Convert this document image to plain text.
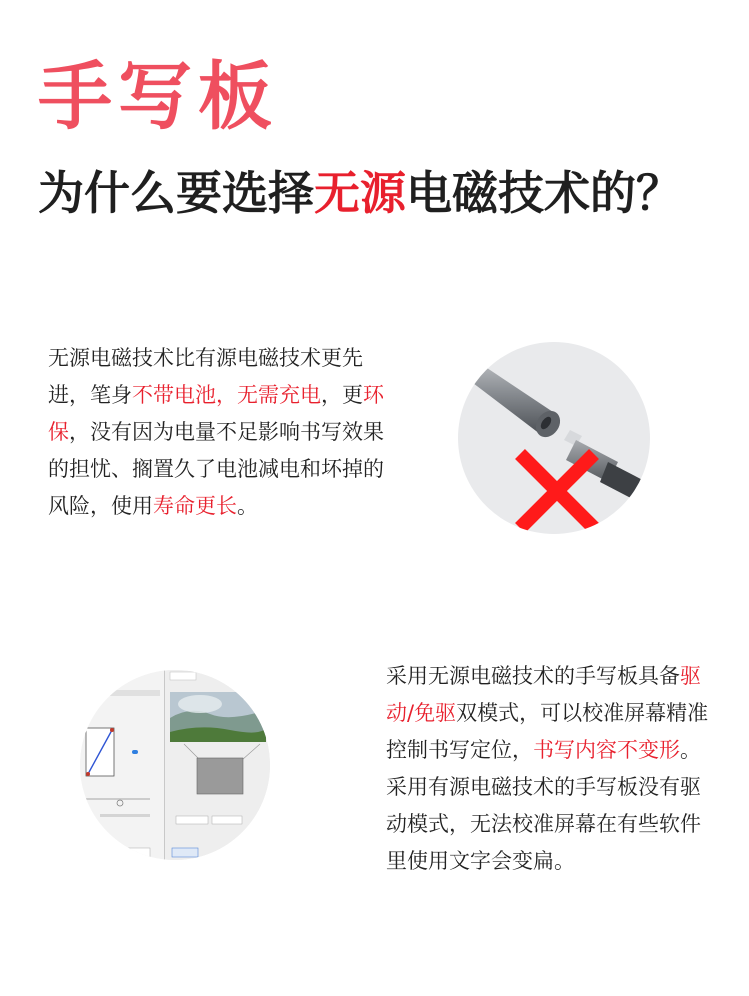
手写板
为什么要选择无源电磁技术的？
无源电磁技术比有源电磁技术更先进，笔身不带电池，无需充电，更环保，没有因为电量不足影响书写效果的担忧、搁置久了电池减电和坏掉的风险，使用寿命更长。
采用无源电磁技术的手写板具备驱动/免驱双模式，可以校准屏幕精准控制书写定位，书写内容不变形。采用有源电磁技术的手写板没有驱动模式，无法校准屏幕在有些软件里使用文字会变扁。
